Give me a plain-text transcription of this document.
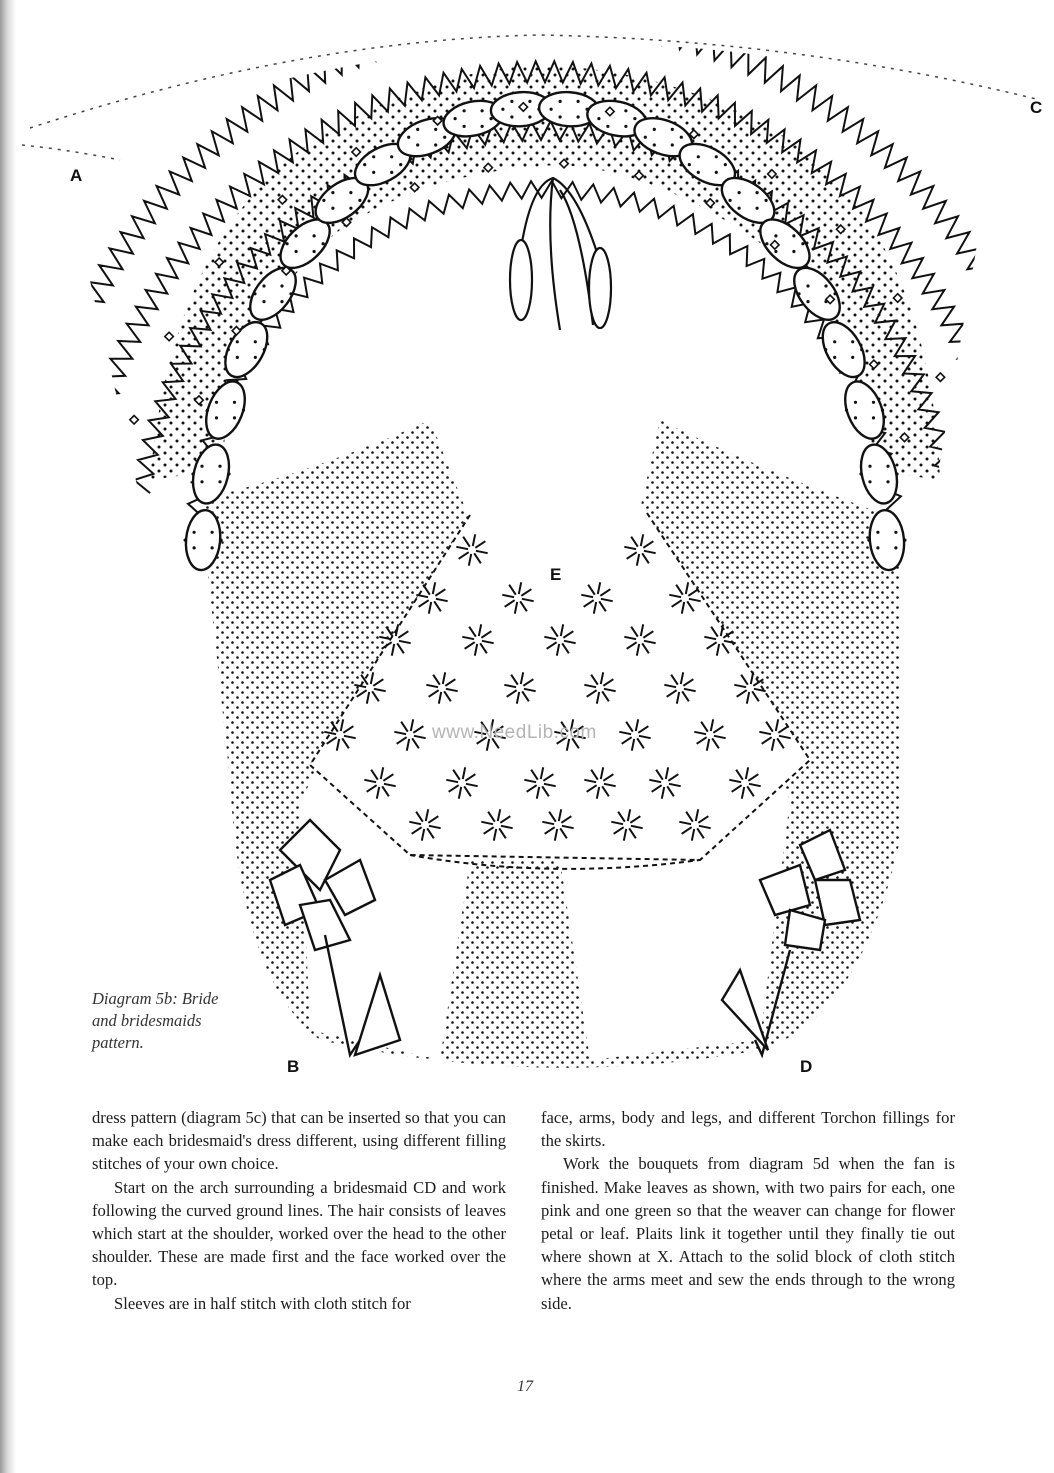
A
C
E
B	D
www.NeedLib.com
Diagram 5b: Bride
and bridesmaids
pattern.

dress pattern (diagram 5c) that can be inserted so that you can make each bridesmaid's dress different, using different filling stitches of your own choice.

Start on the arch surrounding a bridesmaid CD and work following the curved ground lines. The hair consists of leaves which start at the shoulder, worked over the head to the other shoulder. These are made first and the face worked over the top.

Sleeves are in half stitch with cloth stitch for

face, arms, body and legs, and different Torchon fillings for the skirts.

Work the bouquets from diagram 5d when the fan is finished. Make leaves as shown, with two pairs for each, one pink and one green so that the weaver can change for flower petal or leaf. Plaits link it together until they finally tie out where shown at X. Attach to the solid block of cloth stitch where the arms meet and sew the ends through to the wrong side.

17
